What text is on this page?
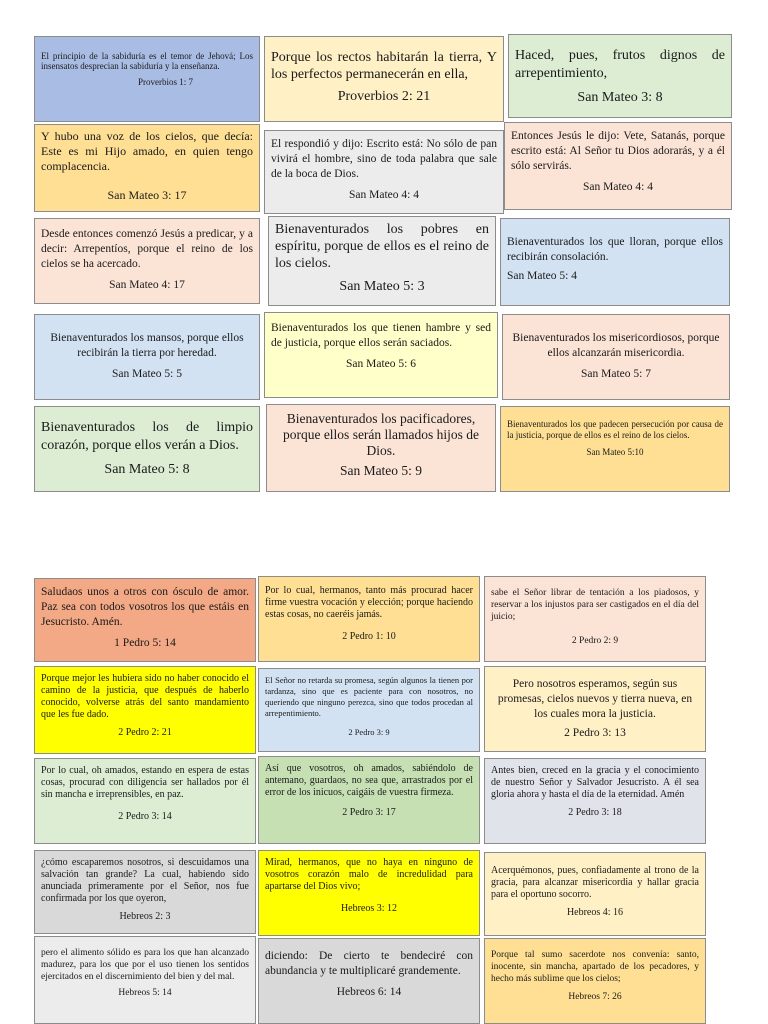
El principio de la sabiduría es el temor de Jehová; Los insensatos desprecian la sabiduría y la enseñanza.
Proverbios 1: 7
Porque los rectos habitarán la tierra, Y los perfectos permanecerán en ella,
Proverbios 2: 21
Haced, pues, frutos dignos de arrepentimiento,
San Mateo 3: 8
Y hubo una voz de los cielos, que decía: Este es mi Hijo amado, en quien tengo complacencia.
San Mateo 3: 17
El respondió y dijo: Escrito está: No sólo de pan vivirá el hombre, sino de toda palabra que sale de la boca de Dios.
San Mateo 4: 4
Entonces Jesús le dijo: Vete, Satanás, porque escrito está: Al Señor tu Dios adorarás, y a él sólo servirás.
San Mateo 4: 4
Desde entonces comenzó Jesús a predicar, y a decir: Arrepentíos, porque el reino de los cielos se ha acercado.
San Mateo 4: 17
Bienaventurados los pobres en espíritu, porque de ellos es el reino de los cielos.
San Mateo 5: 3
Bienaventurados los que lloran, porque ellos recibirán consolación.
San Mateo 5: 4
Bienaventurados los mansos, porque ellos recibirán la tierra por heredad.
San Mateo 5: 5
Bienaventurados los que tienen hambre y sed de justicia, porque ellos serán saciados.
San Mateo 5: 6
Bienaventurados los misericordiosos, porque ellos alcanzarán misericordia.
San Mateo 5: 7
Bienaventurados los de limpio corazón, porque ellos verán a Dios.
San Mateo 5: 8
Bienaventurados los pacificadores, porque ellos serán llamados hijos de Dios.
San Mateo 5: 9
Bienaventurados los que padecen persecución por causa de la justicia, porque de ellos es el reino de los cielos.
San Mateo 5:10
Saludaos unos a otros con ósculo de amor. Paz sea con todos vosotros los que estáis en Jesucristo. Amén.
1 Pedro 5: 14
Por lo cual, hermanos, tanto más procurad hacer firme vuestra vocación y elección; porque haciendo estas cosas, no caeréis jamás.
2 Pedro 1: 10
sabe el Señor librar de tentación a los piadosos, y reservar a los injustos para ser castigados en el día del juicio;
2 Pedro 2: 9
Porque mejor les hubiera sido no haber conocido el camino de la justicia, que después de haberlo conocido, volverse atrás del santo mandamiento que les fue dado.
2 Pedro 2: 21
El Señor no retarda su promesa, según algunos la tienen por tardanza, sino que es paciente para con nosotros, no queriendo que ninguno perezca, sino que todos procedan al arrepentimiento.
2 Pedro 3: 9
Pero nosotros esperamos, según sus promesas, cielos nuevos y tierra nueva, en los cuales mora la justicia.
2 Pedro 3: 13
Por lo cual, oh amados, estando en espera de estas cosas, procurad con diligencia ser hallados por él sin mancha e irreprensibles, en paz.
2 Pedro 3: 14
Así que vosotros, oh amados, sabiéndolo de antemano, guardaos, no sea que, arrastrados por el error de los inicuos, caigáis de vuestra firmeza.
2 Pedro 3: 17
Antes bien, creced en la gracia y el conocimiento de nuestro Señor y Salvador Jesucristo. A él sea gloria ahora y hasta el día de la eternidad. Amén
2 Pedro 3: 18
¿cómo escaparemos nosotros, si descuidamos una salvación tan grande? La cual, habiendo sido anunciada primeramente por el Señor, nos fue confirmada por los que oyeron,
Hebreos 2: 3
Mirad, hermanos, que no haya en ninguno de vosotros corazón malo de incredulidad para apartarse del Dios vivo;
Hebreos 3: 12
Acerquémonos, pues, confiadamente al trono de la gracia, para alcanzar misericordia y hallar gracia para el oportuno socorro.
Hebreos 4: 16
pero el alimento sólido es para los que han alcanzado madurez, para los que por el uso tienen los sentidos ejercitados en el discernimiento del bien y del mal.
Hebreos 5: 14
diciendo: De cierto te bendeciré con abundancia y te multiplicaré grandemente.
Hebreos 6: 14
Porque tal sumo sacerdote nos convenía: santo, inocente, sin mancha, apartado de los pecadores, y hecho más sublime que los cielos;
Hebreos 7: 26
